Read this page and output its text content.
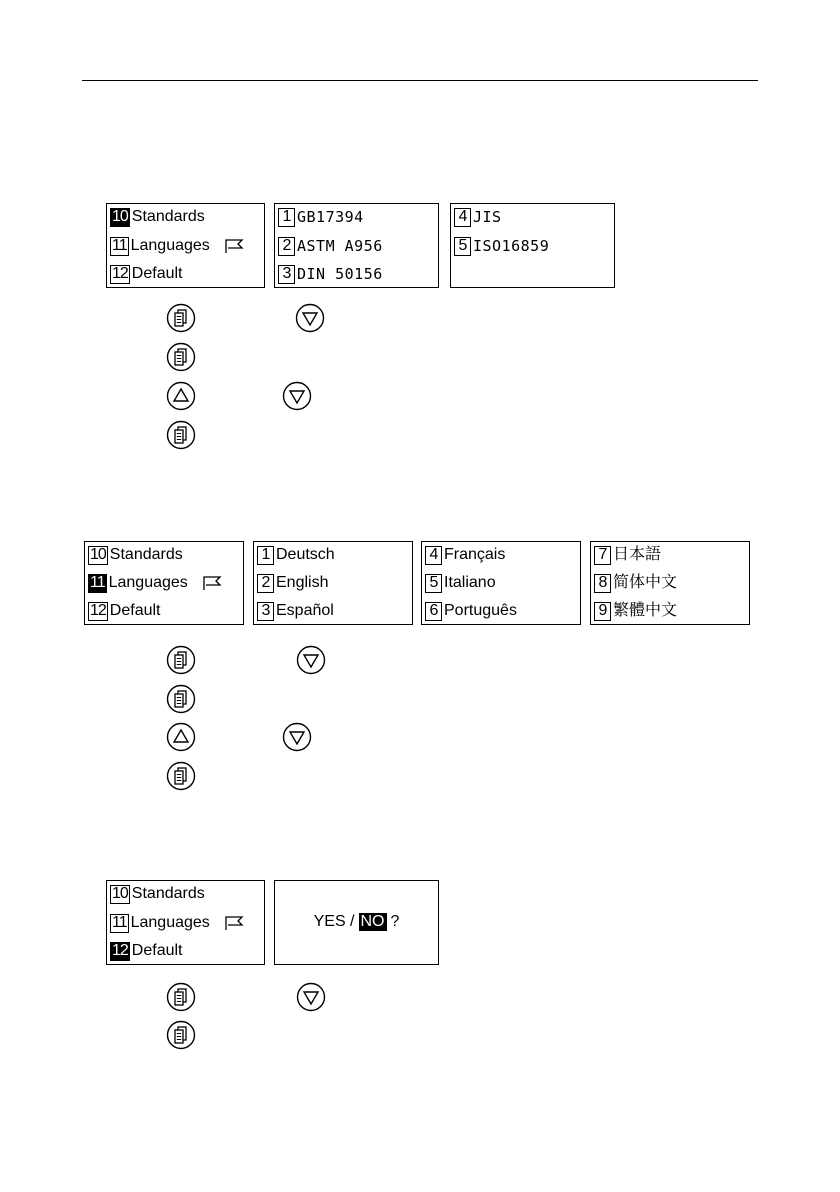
10 Standards
11 Languages
12 Default
1 GB17394
2 ASTM A956
3 DIN 50156
4 JIS
5 ISO16859
10 Standards
11 Languages
12 Default
1 Deutsch
2 English
3 Español
4 Français
5 Italiano
6 Português
7 日本語
8 简体中文
9 繁體中文
10 Standards
11 Languages
12 Default
YES / NO ?
